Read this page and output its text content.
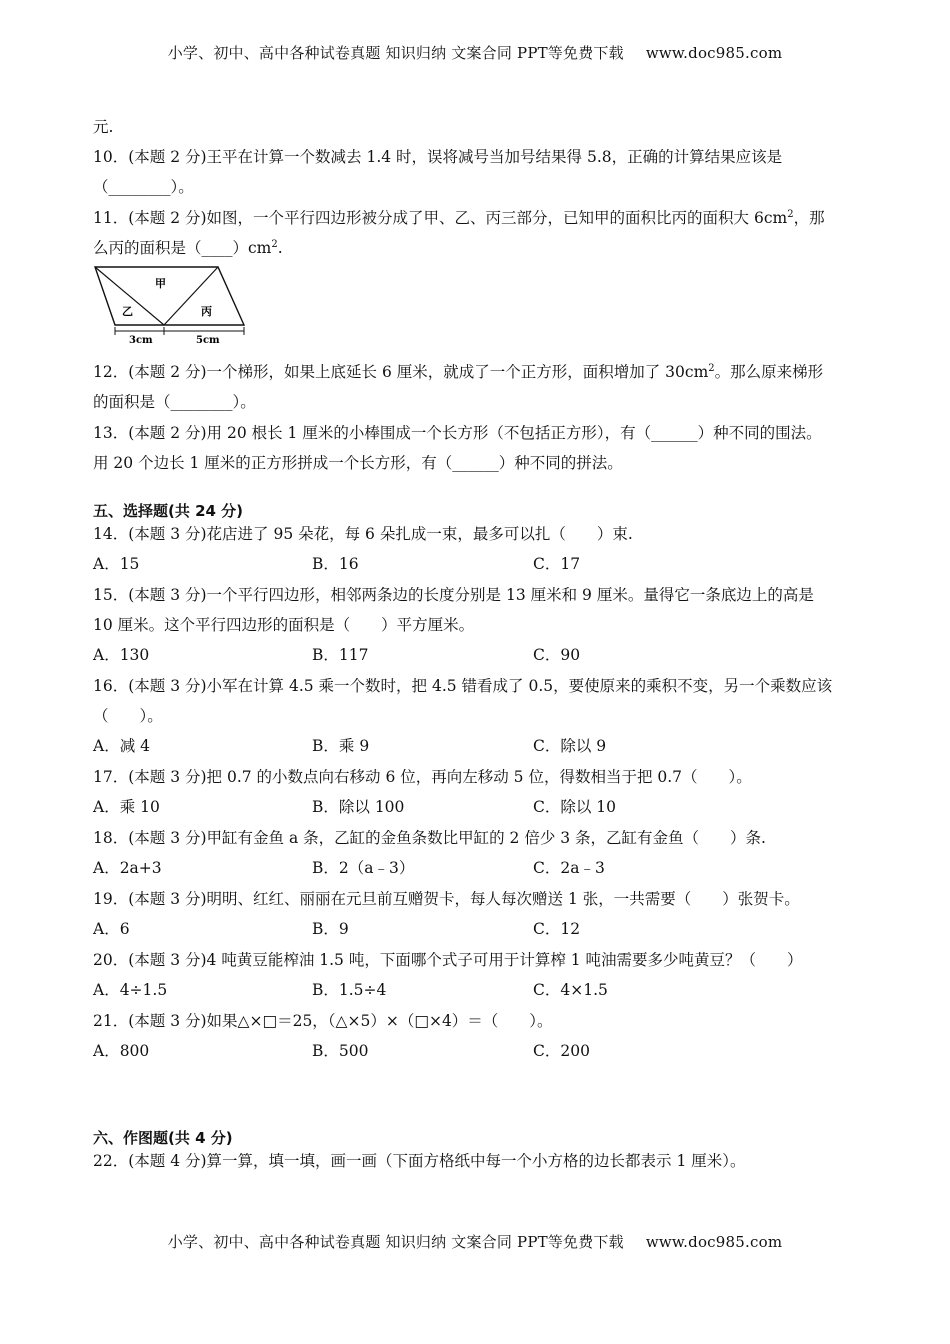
小学、初中、高中各种试卷真题 知识归纳 文案合同 PPT等免费下载 www.doc985.com
元.
10．(本题 2 分)王平在计算一个数减去 1.4 时，误将减号当加号结果得 5.8，正确的计算结果应该是
（________）。
11．(本题 2 分)如图，一个平行四边形被分成了甲、乙、丙三部分，已知甲的面积比丙的面积大 $6cm^2$，那
么丙的面积是$(\_\_\_\_)cm^2$.
甲
乙	丙
3cm	5cm
12．(本题 2 分)一个梯形，如果上底延长 6 厘米，就成了一个正方形，面积增加了 $30cm^2$。那么原来梯形
的面积是（________）。
13．(本题 2 分)用 20 根长 1 厘米的小棒围成一个长方形（不包括正方形），有（______）种不同的围法。
用 20 个边长 1 厘米的正方形拼成一个长方形，有（______）种不同的拼法。
五、选择题(共 24 分)
14．(本题 3 分)花店进了 95 朵花，每 6 朵扎成一束，最多可以扎（　　）束.
A．15	B．16	C．17
15．(本题 3 分)一个平行四边形，相邻两条边的长度分别是 13 厘米和 9 厘米。量得它一条底边上的高是
10 厘米。这个平行四边形的面积是（　　）平方厘米。
A．130	B．117	C．90
16．(本题 3 分)小军在计算 4.5 乘一个数时，把 4.5 错看成了 0.5，要使原来的乘积不变，另一个乘数应该
（　　）。
A．减 4	B．乘 9	C．除以 9
17．(本题 3 分)把 0.7 的小数点向右移动 6 位，再向左移动 5 位，得数相当于把 0.7（　　）。
A．乘 10	B．除以 100	C．除以 10
18．(本题 3 分)甲缸有金鱼 a 条，乙缸的金鱼条数比甲缸的 2 倍少 3 条，乙缸有金鱼（　　）条.
A．2a+3	B．2（a﹣3）	C．2a﹣3
19．(本题 3 分)明明、红红、丽丽在元旦前互赠贺卡，每人每次赠送 1 张，一共需要（　　）张贺卡。
A．6	B．9	C．12
20．(本题 3 分)4 吨黄豆能榨油 1.5 吨，下面哪个式子可用于计算榨 1 吨油需要多少吨黄豆？（　　）
A．4÷1.5	B．1.5÷4	C．4×1.5
21．(本题 3 分)如果△×□＝25，（△×5）×（□×4）＝（　　）。
A．800	B．500	C．200
六、作图题(共 4 分)
22．(本题 4 分)算一算，填一填，画一画（下面方格纸中每一个小方格的边长都表示 1 厘米）。
小学、初中、高中各种试卷真题 知识归纳 文案合同 PPT等免费下载 www.doc985.com
